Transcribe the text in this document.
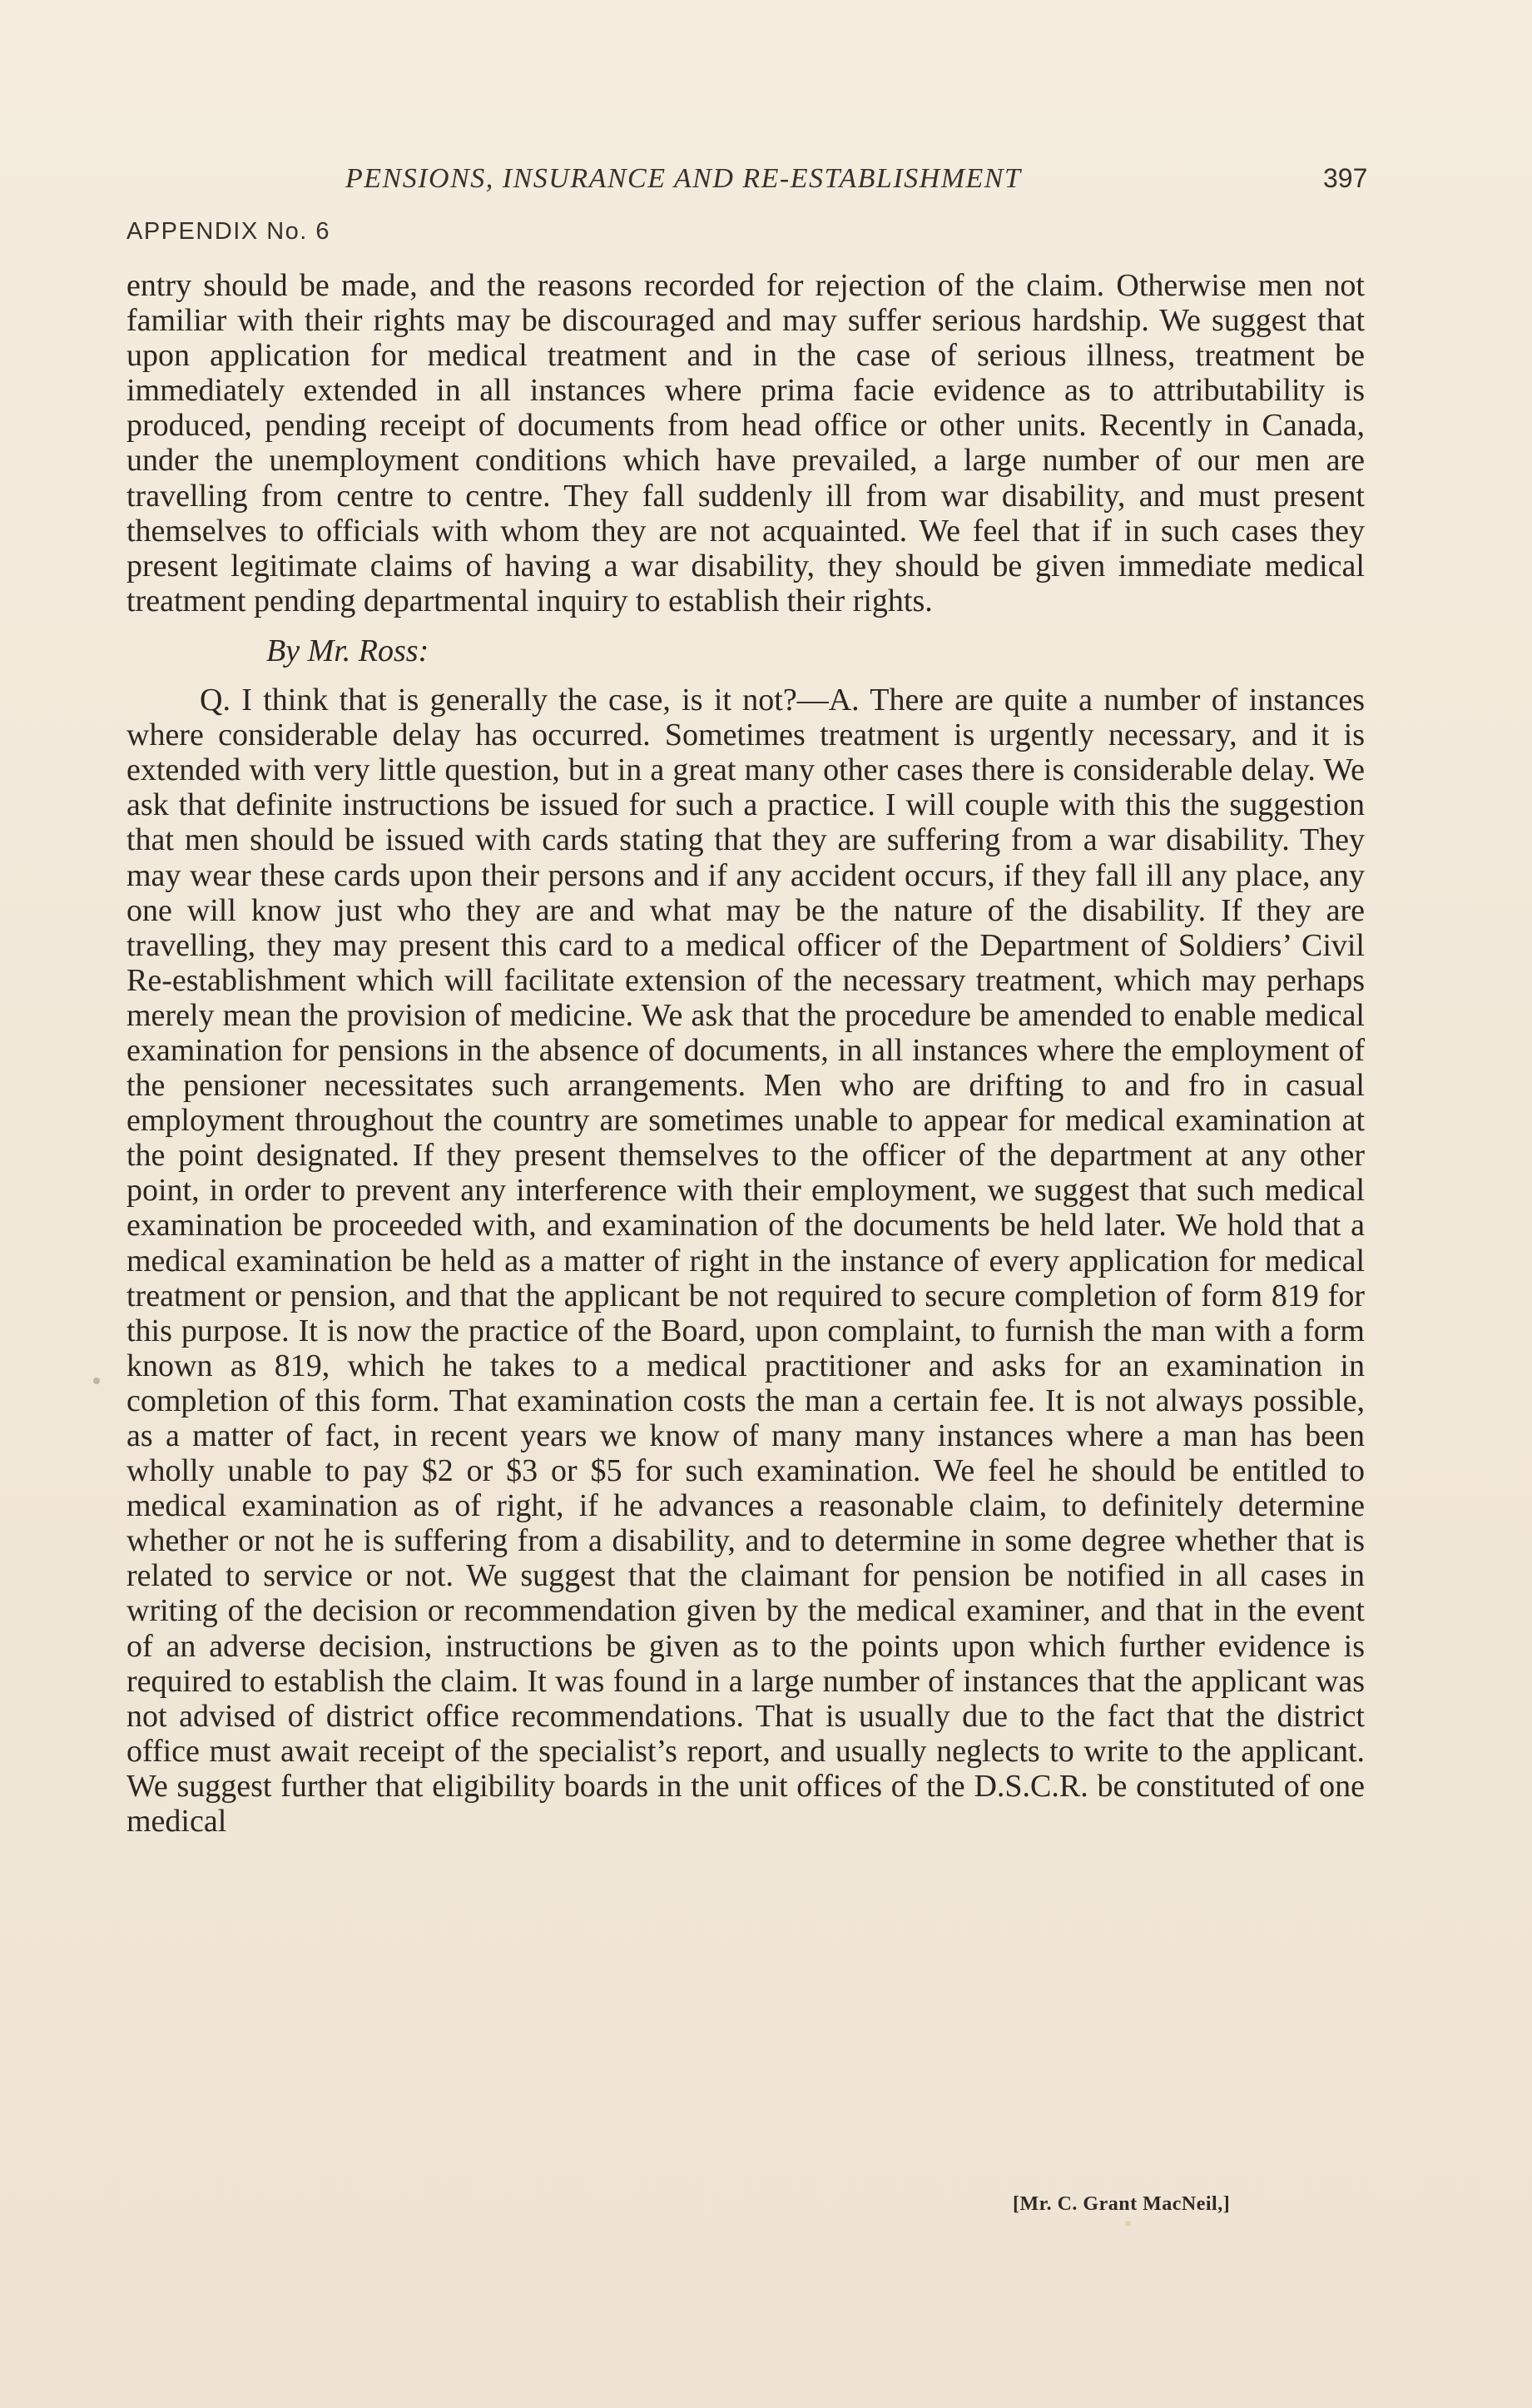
PENSIONS, INSURANCE AND RE-ESTABLISHMENT	397
APPENDIX No. 6

entry should be made, and the reasons recorded for rejection of the claim. Otherwise men not familiar with their rights may be discouraged and may suffer serious hardship. We suggest that upon application for medical treatment and in the case of serious illness, treatment be immediately extended in all instances where prima facie evidence as to attributability is produced, pending receipt of documents from head office or other units. Recently in Canada, under the unemployment conditions which have prevailed, a large number of our men are travelling from centre to centre. They fall suddenly ill from war disability, and must present themselves to officials with whom they are not acquainted. We feel that if in such cases they present legitimate claims of having a war disability, they should be given immediate medical treatment pending departmental inquiry to establish their rights.

By Mr. Ross:

Q. I think that is generally the case, is it not?—A. There are quite a number of instances where considerable delay has occurred. Sometimes treatment is urgently necessary, and it is extended with very little question, but in a great many other cases there is considerable delay. We ask that definite instructions be issued for such a practice. I will couple with this the suggestion that men should be issued with cards stating that they are suffering from a war disability. They may wear these cards upon their persons and if any accident occurs, if they fall ill any place, any one will know just who they are and what may be the nature of the disability. If they are travelling, they may present this card to a medical officer of the Department of Soldiers’ Civil Re-establishment which will facilitate extension of the necessary treatment, which may perhaps merely mean the provision of medicine. We ask that the procedure be amended to enable medical examination for pensions in the absence of documents, in all instances where the employment of the pensioner necessitates such arrangements. Men who are drifting to and fro in casual employment throughout the country are sometimes unable to appear for medical examination at the point designated. If they present themselves to the officer of the department at any other point, in order to prevent any interference with their employment, we suggest that such medical examination be proceeded with, and examination of the documents be held later. We hold that a medical examination be held as a matter of right in the instance of every application for medical treatment or pension, and that the applicant be not required to secure completion of form 819 for this purpose. It is now the practice of the Board, upon complaint, to furnish the man with a form known as 819, which he takes to a medical practitioner and asks for an examination in completion of this form. That examination costs the man a certain fee. It is not always possible, as a matter of fact, in recent years we know of many many instances where a man has been wholly unable to pay $2 or $3 or $5 for such examination. We feel he should be entitled to medical examination as of right, if he advances a reasonable claim, to definitely determine whether or not he is suffering from a disability, and to determine in some degree whether that is related to service or not. We suggest that the claimant for pension be notified in all cases in writing of the decision or recommendation given by the medical examiner, and that in the event of an adverse decision, instructions be given as to the points upon which further evidence is required to establish the claim. It was found in a large number of instances that the applicant was not advised of district office recommendations. That is usually due to the fact that the district office must await receipt of the specialist’s report, and usually neglects to write to the applicant. We suggest further that eligibility boards in the unit offices of the D.S.C.R. be constituted of one medical

[Mr. C. Grant MacNeil,]
